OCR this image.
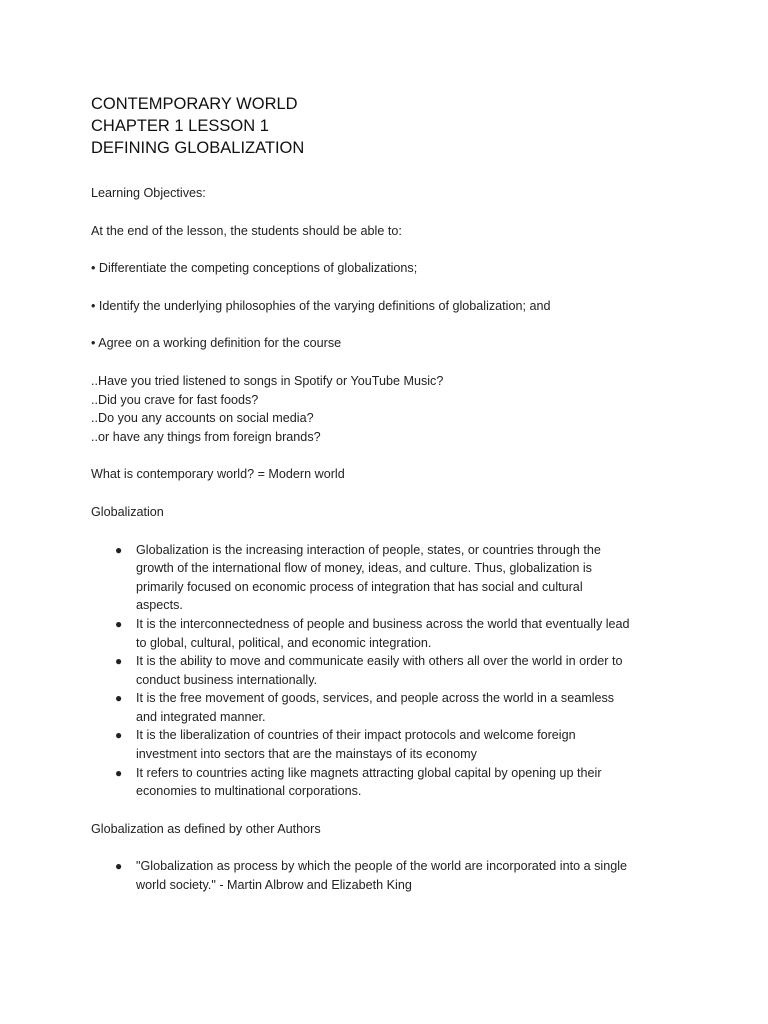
CONTEMPORARY WORLD

CHAPTER 1 LESSON 1

DEFINING GLOBALIZATION

Learning Objectives:

At the end of the lesson, the students should be able to:

• Differentiate the competing conceptions of globalizations;

• Identify the underlying philosophies of the varying definitions of globalization; and

• Agree on a working definition for the course

..Have you tried listened to songs in Spotify or YouTube Music?

..Did you crave for fast foods?

..Do you any accounts on social media?

..or have any things from foreign brands?

What is contemporary world? = Modern world

Globalization

● Globalization is the increasing interaction of people, states, or countries through the
growth of the international flow of money, ideas, and culture. Thus, globalization is
primarily focused on economic process of integration that has social and cultural
aspects.
● It is the interconnectedness of people and business across the world that eventually lead
to global, cultural, political, and economic integration.
● It is the ability to move and communicate easily with others all over the world in order to
conduct business internationally.
● It is the free movement of goods, services, and people across the world in a seamless
and integrated manner.
● It is the liberalization of countries of their impact protocols and welcome foreign
investment into sectors that are the mainstays of its economy
● It refers to countries acting like magnets attracting global capital by opening up their
economies to multinational corporations.

Globalization as defined by other Authors

● "Globalization as process by which the people of the world are incorporated into a single
world society." - Martin Albrow and Elizabeth King
